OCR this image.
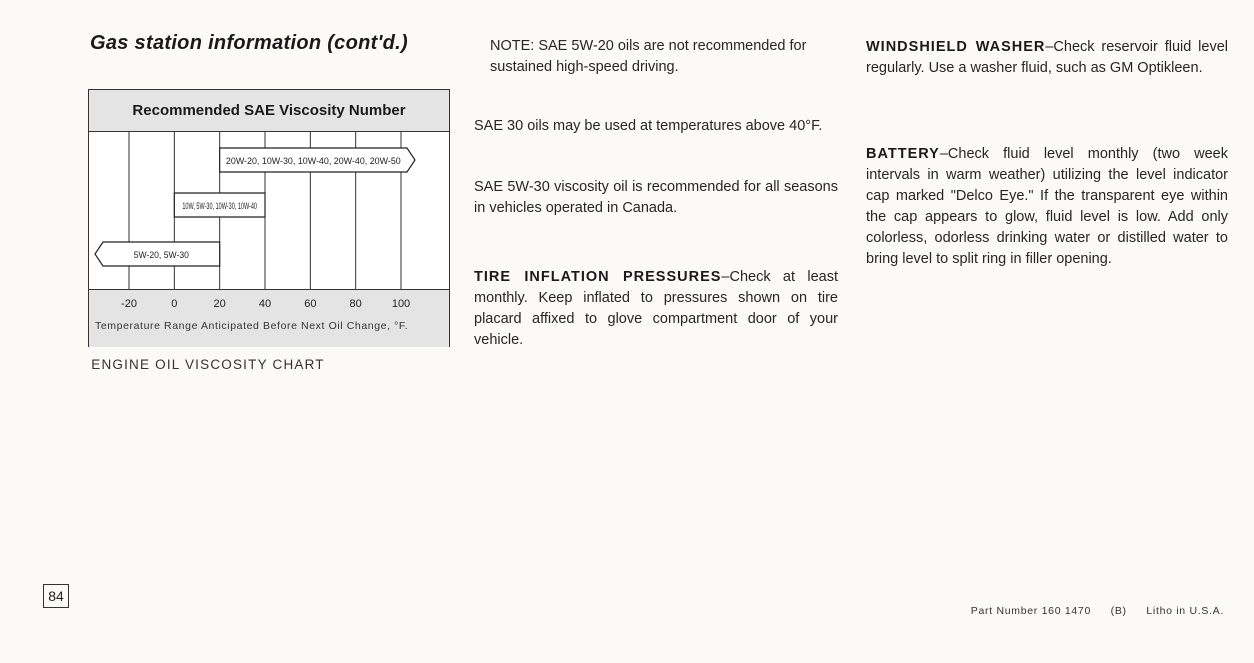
Gas station information (cont'd.)
Recommended SAE Viscosity Number
20W-20, 10W-30, 10W-40, 20W-40, 20W-50
10W, 5W-30, 10W-30, 10W-40
5W-20, 5W-30
-20	0	20	40	60	80	100
Temperature Range Anticipated Before Next Oil Change, °F.
ENGINE OIL VISCOSITY CHART

NOTE: SAE 5W-20 oils are not recommended for sustained high-speed driving.

SAE 30 oils may be used at temperatures above 40°F.

SAE 5W-30 viscosity oil is recommended for all seasons in vehicles operated in Canada.

TIRE INFLATION PRESSURES–Check at least monthly. Keep inflated to pressures shown on tire placard affixed to glove compartment door of your vehicle.

WINDSHIELD WASHER–Check reservoir fluid level regularly. Use a washer fluid, such as GM Optikleen.

BATTERY–Check fluid level monthly (two week intervals in warm weather) utilizing the level indicator cap marked "Delco Eye." If the transparent eye within the cap appears to glow, fluid level is low. Add only colorless, odorless drinking water or distilled water to bring level to split ring in filler opening.

84
Part Number 160 1470 (B) Litho in U.S.A.
